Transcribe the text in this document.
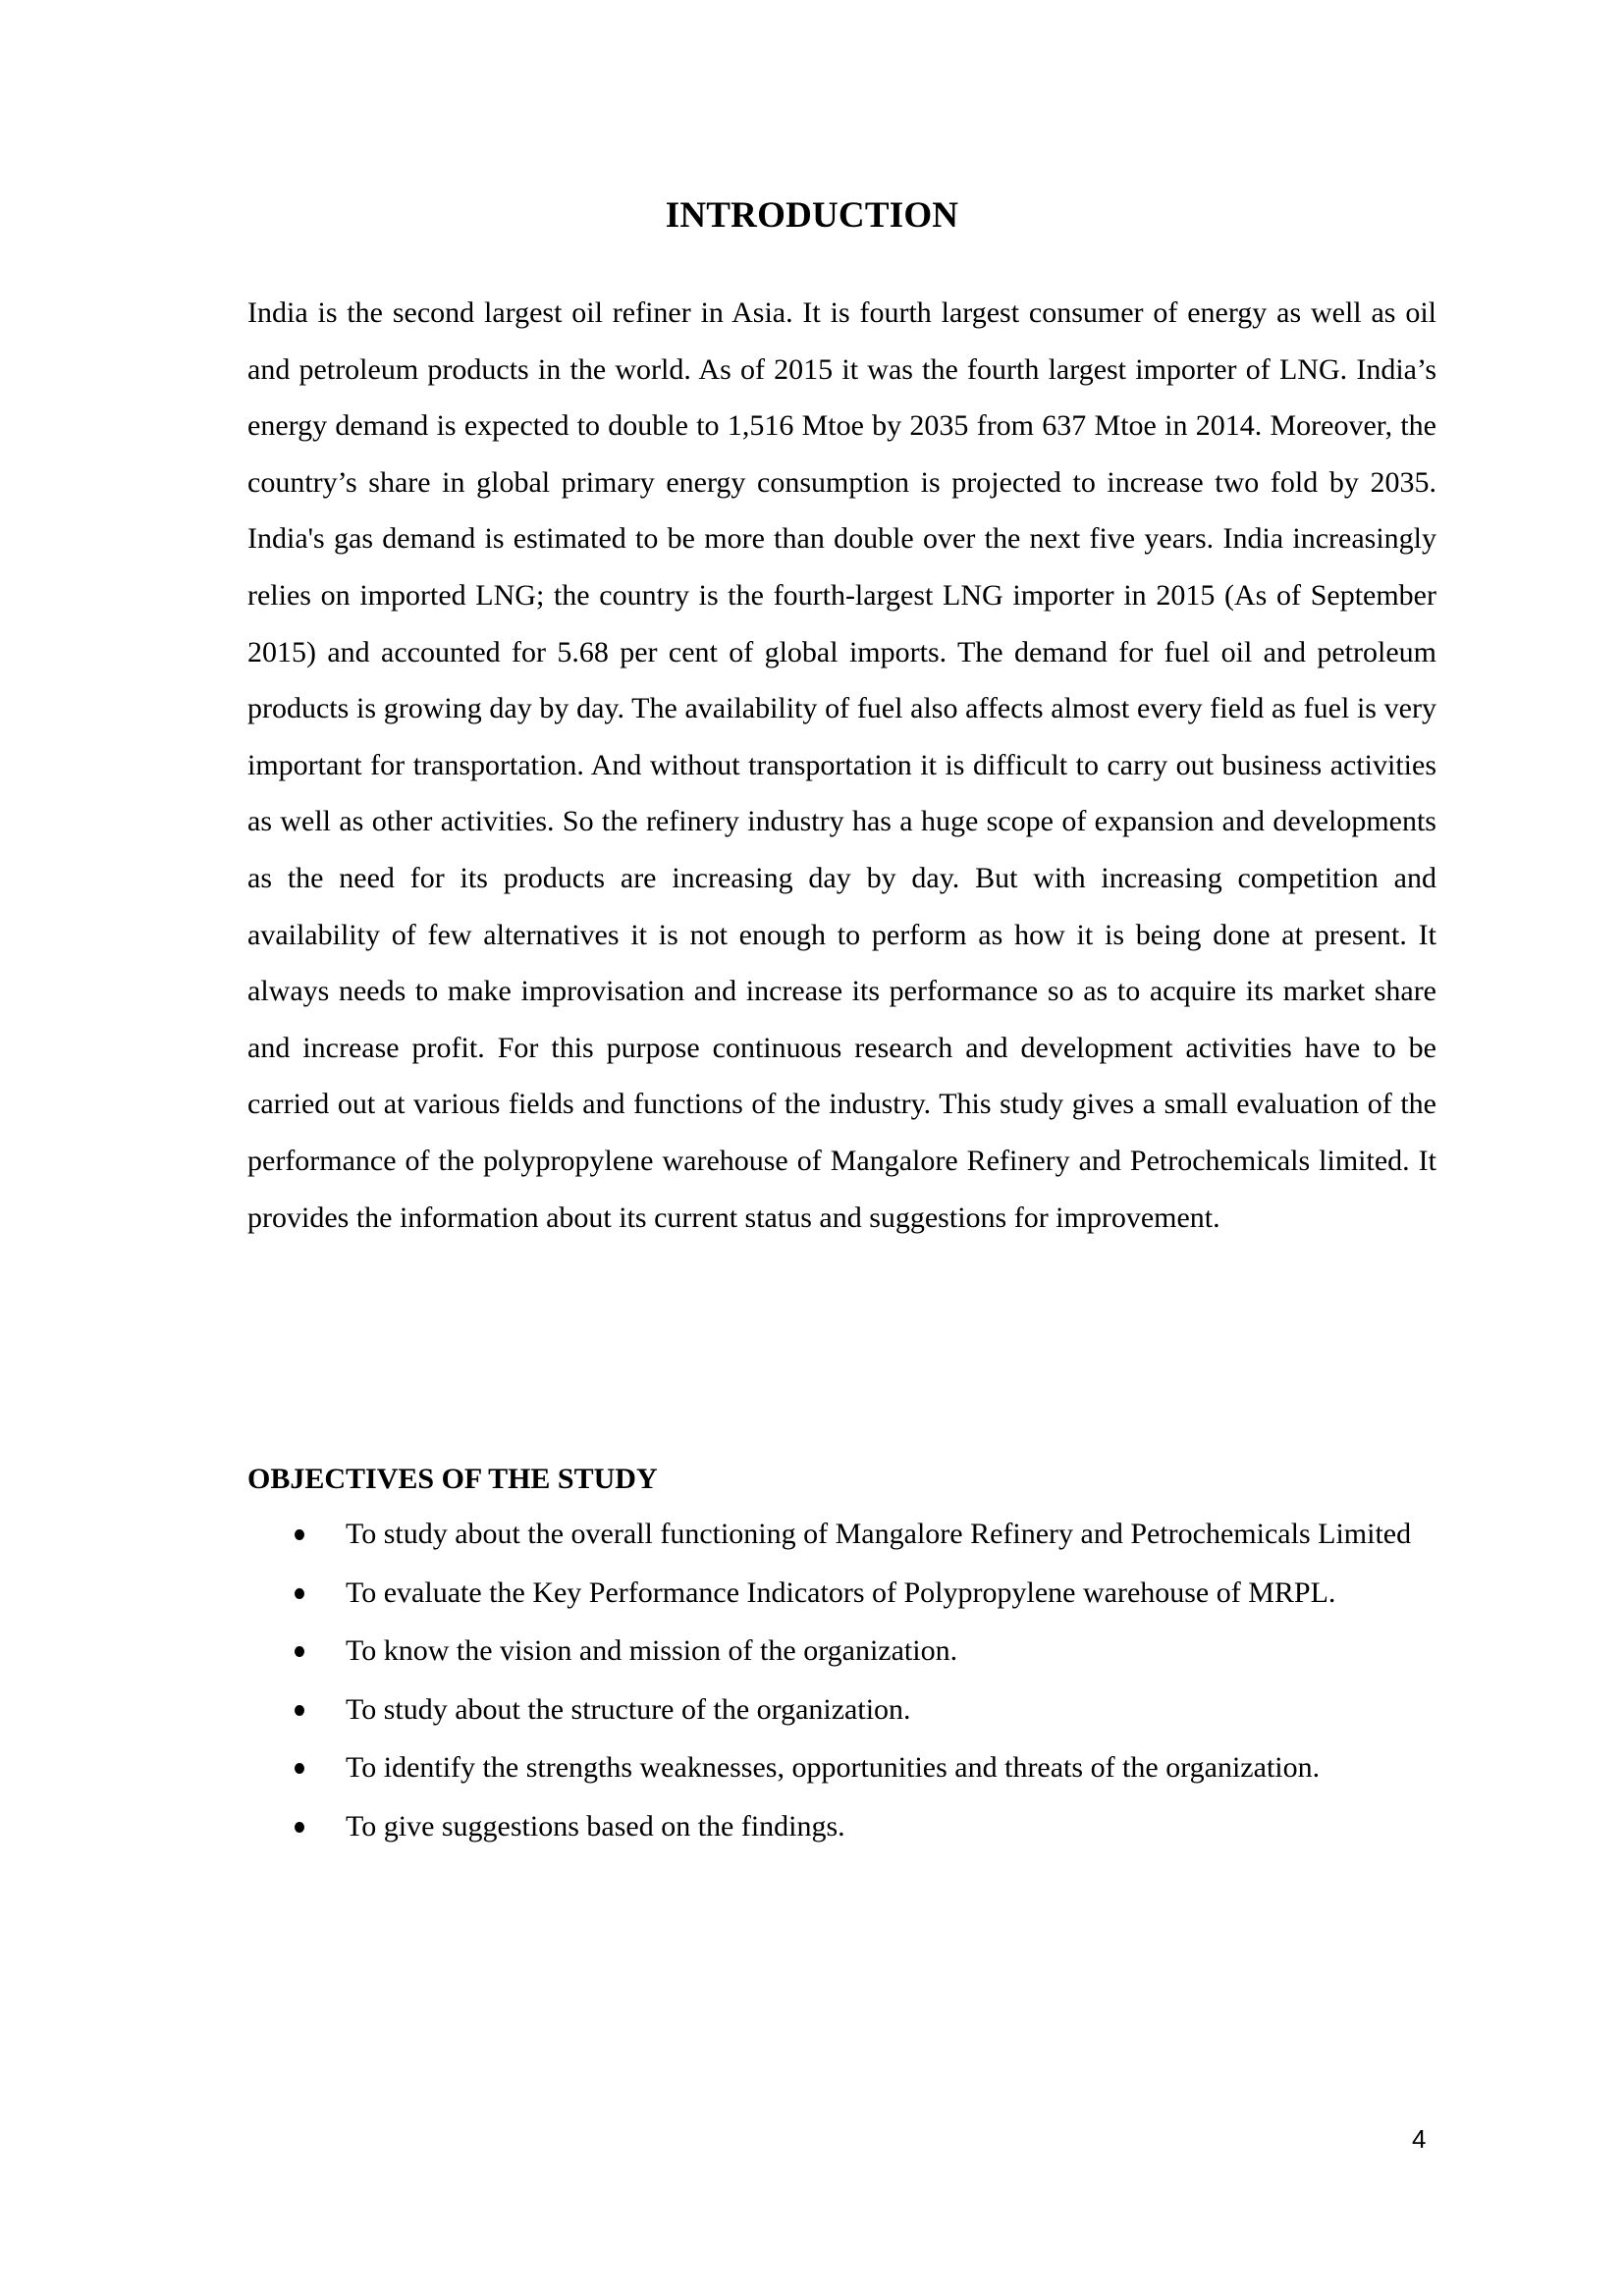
INTRODUCTION

India is the second largest oil refiner in Asia. It is fourth largest consumer of energy as well as oil and petroleum products in the world. As of 2015 it was the fourth largest importer of LNG. India’s energy demand is expected to double to 1,516 Mtoe by 2035 from 637 Mtoe in 2014. Moreover, the country’s share in global primary energy consumption is projected to increase two fold by 2035. India's gas demand is estimated to be more than double over the next five years. India increasingly relies on imported LNG; the country is the fourth-largest LNG importer in 2015 (As of September 2015) and accounted for 5.68 per cent of global imports. The demand for fuel oil and petroleum products is growing day by day. The availability of fuel also affects almost every field as fuel is very important for transportation. And without transportation it is difficult to carry out business activities as well as other activities. So the refinery industry has a huge scope of expansion and developments as the need for its products are increasing day by day. But with increasing competition and availability of few alternatives it is not enough to perform as how it is being done at present. It always needs to make improvisation and increase its performance so as to acquire its market share and increase profit. For this purpose continuous research and development activities have to be carried out at various fields and functions of the industry. This study gives a small evaluation of the performance of the polypropylene warehouse of Mangalore Refinery and Petrochemicals limited. It provides the information about its current status and suggestions for improvement.

OBJECTIVES OF THE STUDY
To study about the overall functioning of Mangalore Refinery and Petrochemicals Limited
To evaluate the Key Performance Indicators of Polypropylene warehouse of MRPL.
To know the vision and mission of the organization.
To study about the structure of the organization.
To identify the strengths weaknesses, opportunities and threats of the organization.
To give suggestions based on the findings.

4
